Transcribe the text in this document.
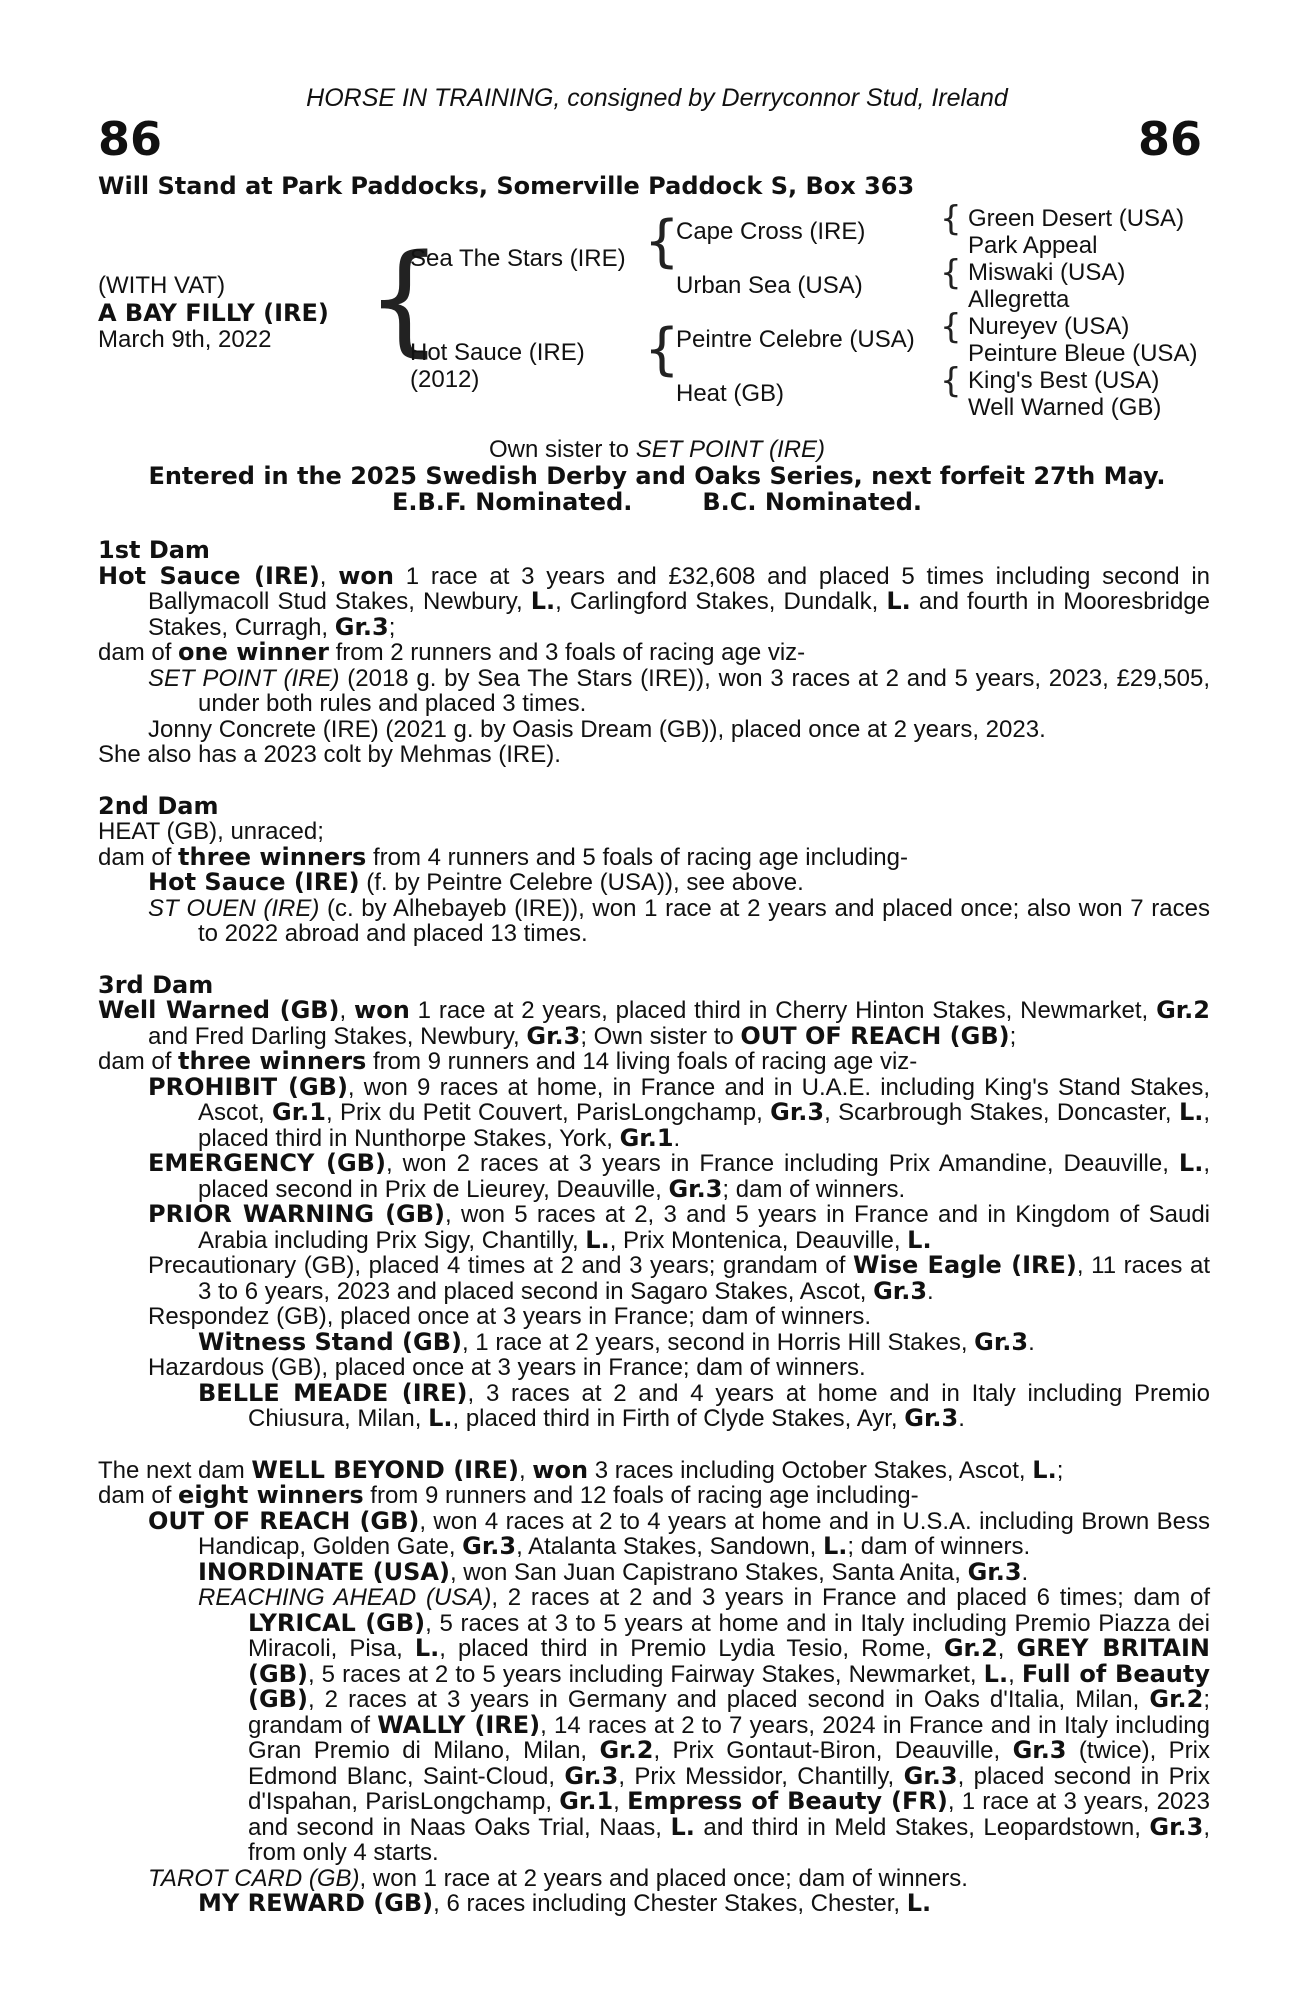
HORSE IN TRAINING, consigned by Derryconnor Stud, Ireland
86	86
Will Stand at Park Paddocks, Somerville Paddock S, Box 363
(WITH VAT)
A BAY FILLY (IRE)
March 9th, 2022 {
Sea The Stars (IRE)
Hot Sauce (IRE)
(2012)
{
{
Cape Cross (IRE)
Urban Sea (USA)
Peintre Celebre (USA)
Heat (GB)
{
{
{
{
Green Desert (USA)
Park Appeal
Miswaki (USA)
Allegretta
Nureyev (USA)
Peinture Bleue (USA)
King's Best (USA)
Well Warned (GB)
Own sister to SET POINT (IRE)
Entered in the 2025 Swedish Derby and Oaks Series, next forfeit 27th May.
E.B.F. Nominated.	B.C. Nominated.

1st Dam

Hot Sauce (IRE), won 1 race at 3 years and £32,608 and placed 5 times including second in Ballymacoll Stud Stakes, Newbury, L., Carlingford Stakes, Dundalk, L. and fourth in Mooresbridge Stakes, Curragh, Gr.3;

dam of one winner from 2 runners and 3 foals of racing age viz-

SET POINT (IRE) (2018 g. by Sea The Stars (IRE)), won 3 races at 2 and 5 years, 2023, £29,505, under both rules and placed 3 times.

Jonny Concrete (IRE) (2021 g. by Oasis Dream (GB)), placed once at 2 years, 2023.

She also has a 2023 colt by Mehmas (IRE).

2nd Dam

HEAT (GB), unraced;

dam of three winners from 4 runners and 5 foals of racing age including-

Hot Sauce (IRE) (f. by Peintre Celebre (USA)), see above.

ST OUEN (IRE) (c. by Alhebayeb (IRE)), won 1 race at 2 years and placed once; also won 7 races to 2022 abroad and placed 13 times.

3rd Dam

Well Warned (GB), won 1 race at 2 years, placed third in Cherry Hinton Stakes, Newmarket, Gr.2 and Fred Darling Stakes, Newbury, Gr.3; Own sister to OUT OF REACH (GB);

dam of three winners from 9 runners and 14 living foals of racing age viz-

PROHIBIT (GB), won 9 races at home, in France and in U.A.E. including King's Stand Stakes, Ascot, Gr.1, Prix du Petit Couvert, ParisLongchamp, Gr.3, Scarbrough Stakes, Doncaster, L., placed third in Nunthorpe Stakes, York, Gr.1.

EMERGENCY (GB), won 2 races at 3 years in France including Prix Amandine, Deauville, L., placed second in Prix de Lieurey, Deauville, Gr.3; dam of winners.

PRIOR WARNING (GB), won 5 races at 2, 3 and 5 years in France and in Kingdom of Saudi Arabia including Prix Sigy, Chantilly, L., Prix Montenica, Deauville, L.

Precautionary (GB), placed 4 times at 2 and 3 years; grandam of Wise Eagle (IRE), 11 races at 3 to 6 years, 2023 and placed second in Sagaro Stakes, Ascot, Gr.3.

Respondez (GB), placed once at 3 years in France; dam of winners.

Witness Stand (GB), 1 race at 2 years, second in Horris Hill Stakes, Gr.3.

Hazardous (GB), placed once at 3 years in France; dam of winners.

BELLE MEADE (IRE), 3 races at 2 and 4 years at home and in Italy including Premio Chiusura, Milan, L., placed third in Firth of Clyde Stakes, Ayr, Gr.3.

The next dam WELL BEYOND (IRE), won 3 races including October Stakes, Ascot, L.;

dam of eight winners from 9 runners and 12 foals of racing age including-

OUT OF REACH (GB), won 4 races at 2 to 4 years at home and in U.S.A. including Brown Bess Handicap, Golden Gate, Gr.3, Atalanta Stakes, Sandown, L.; dam of winners.

INORDINATE (USA), won San Juan Capistrano Stakes, Santa Anita, Gr.3.

REACHING AHEAD (USA), 2 races at 2 and 3 years in France and placed 6 times; dam of LYRICAL (GB), 5 races at 3 to 5 years at home and in Italy including Premio Piazza dei Miracoli, Pisa, L., placed third in Premio Lydia Tesio, Rome, Gr.2, GREY BRITAIN (GB), 5 races at 2 to 5 years including Fairway Stakes, Newmarket, L., Full of Beauty (GB), 2 races at 3 years in Germany and placed second in Oaks d'Italia, Milan, Gr.2; grandam of WALLY (IRE), 14 races at 2 to 7 years, 2024 in France and in Italy including Gran Premio di Milano, Milan, Gr.2, Prix Gontaut-Biron, Deauville, Gr.3 (twice), Prix Edmond Blanc, Saint-Cloud, Gr.3, Prix Messidor, Chantilly, Gr.3, placed second in Prix d'Ispahan, ParisLongchamp, Gr.1, Empress of Beauty (FR), 1 race at 3 years, 2023 and second in Naas Oaks Trial, Naas, L. and third in Meld Stakes, Leopardstown, Gr.3, from only 4 starts.

TAROT CARD (GB), won 1 race at 2 years and placed once; dam of winners.

MY REWARD (GB), 6 races including Chester Stakes, Chester, L.
